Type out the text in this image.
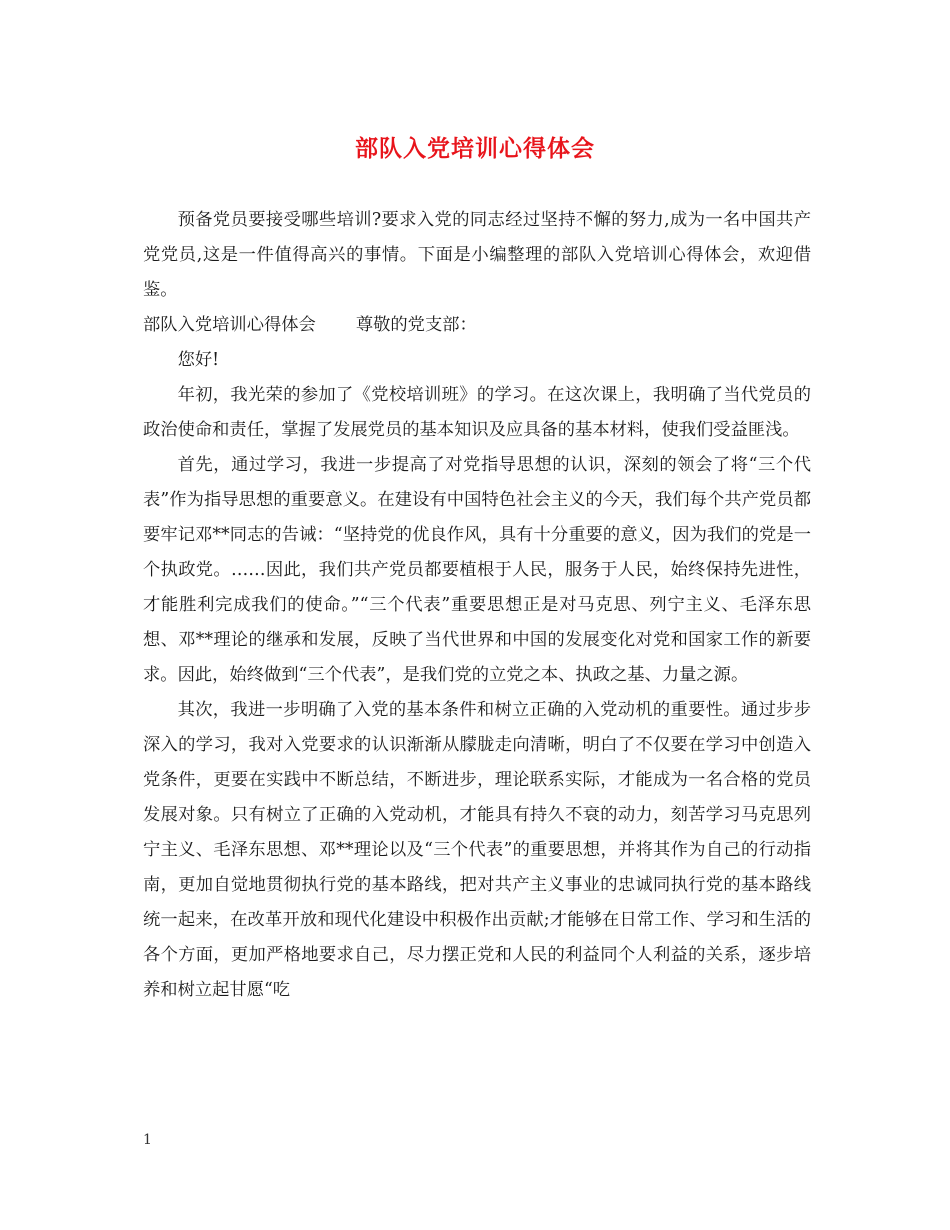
部队入党培训心得体会

预备党员要接受哪些培训?要求入党的同志经过坚持不懈的努力,成为一名中国共产党党员,这是一件值得高兴的事情。下面是小编整理的部队入党培训心得体会，欢迎借鉴。

部队入党培训心得体会 尊敬的党支部：

您好!

年初，我光荣的参加了《党校培训班》的学习。在这次课上，我明确了当代党员的政治使命和责任，掌握了发展党员的基本知识及应具备的基本材料，使我们受益匪浅。

首先，通过学习，我进一步提高了对党指导思想的认识，深刻的领会了将“三个代表”作为指导思想的重要意义。在建设有中国特色社会主义的今天，我们每个共产党员都要牢记邓**同志的告诫：“坚持党的优良作风，具有十分重要的意义，因为我们的党是一个执政党。……因此，我们共产党员都要植根于人民，服务于人民，始终保持先进性，才能胜利完成我们的使命。”“三个代表”重要思想正是对马克思、列宁主义、毛泽东思想、邓**理论的继承和发展，反映了当代世界和中国的发展变化对党和国家工作的新要求。因此，始终做到“三个代表”，是我们党的立党之本、执政之基、力量之源。

其次，我进一步明确了入党的基本条件和树立正确的入党动机的重要性。通过步步深入的学习，我对入党要求的认识渐渐从朦胧走向清晰，明白了不仅要在学习中创造入党条件，更要在实践中不断总结，不断进步，理论联系实际，才能成为一名合格的党员发展对象。只有树立了正确的入党动机，才能具有持久不衰的动力，刻苦学习马克思列宁主义、毛泽东思想、邓**理论以及“三个代表”的重要思想，并将其作为自己的行动指南，更加自觉地贯彻执行党的基本路线，把对共产主义事业的忠诚同执行党的基本路线统一起来，在改革开放和现代化建设中积极作出贡献;才能够在日常工作、学习和生活的各个方面，更加严格地要求自己，尽力摆正党和人民的利益同个人利益的关系，逐步培养和树立起甘愿“吃

1
